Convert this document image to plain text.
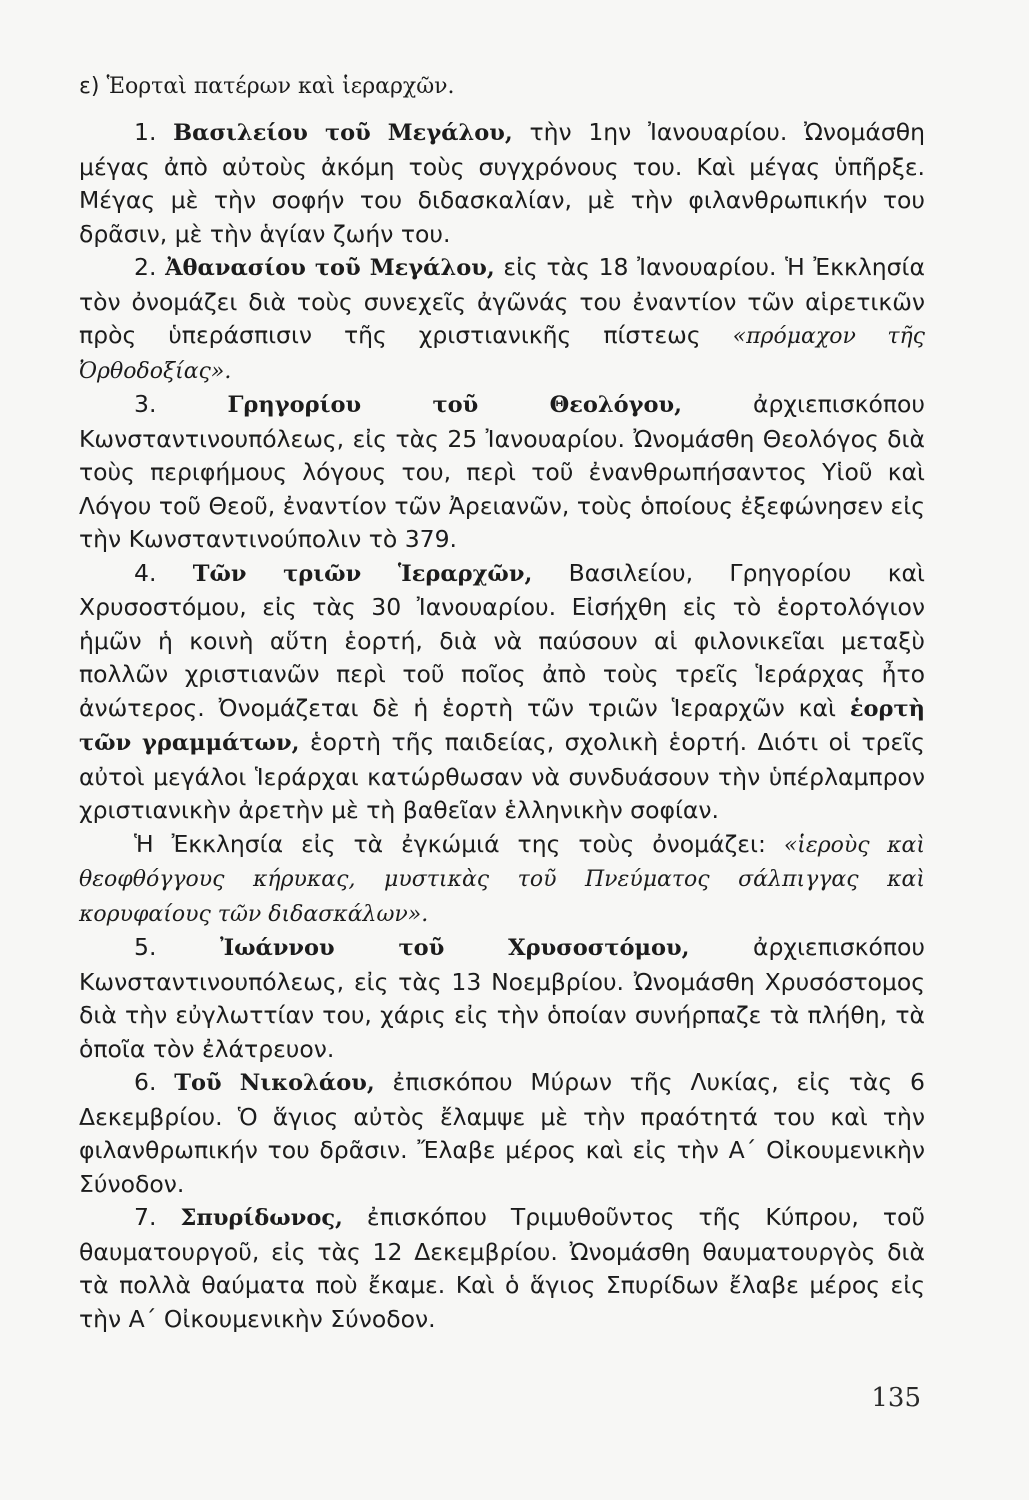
ε) Ἑορταὶ πατέρων καὶ ἱεραρχῶν.

1. Βασιλείου τοῦ Μεγάλου, τὴν 1ην Ἰανουαρίου. Ὠνομάσθη μέγας ἀπὸ αὐτοὺς ἀκόμη τοὺς συγχρόνους του. Καὶ μέγας ὑπῆρξε. Μέγας μὲ τὴν σοφήν του διδασκαλίαν, μὲ τὴν φιλανθρωπικήν του δρᾶσιν, μὲ τὴν ἁγίαν ζωήν του.

2. Ἀθανασίου τοῦ Μεγάλου, εἰς τὰς 18 Ἰανουαρίου. Ἡ Ἐκκλησία τὸν ὀνομάζει διὰ τοὺς συνεχεῖς ἀγῶνάς του ἐναντίον τῶν αἱρετικῶν πρὸς ὑπεράσπισιν τῆς χριστιανικῆς πίστεως «πρόμαχον τῆς Ὀρθοδοξίας».

3.	Γρηγορίου τοῦ Θεολόγου,	ἀρχιεπισκόπου Κωνσταντινουπόλεως, εἰς τὰς 25 Ἰανουαρίου. Ὠνομάσθη Θεολόγος διὰ τοὺς περιφήμους λόγους του, περὶ τοῦ ἐνανθρωπήσαντος Υἱοῦ καὶ Λόγου τοῦ Θεοῦ, ἐναντίον τῶν Ἀρειανῶν, τοὺς ὁποίους ἐξεφώνησεν εἰς τὴν Κωνσταντινούπολιν τὸ 379.

4. Τῶν τριῶν Ἱεραρχῶν, Βασιλείου, Γρηγορίου καὶ Χρυσοστόμου, εἰς τὰς 30 Ἰανουαρίου. Εἰσήχθη εἰς τὸ ἑορτολόγιον ἡμῶν ἡ κοινὴ αὕτη ἑορτή, διὰ νὰ παύσουν αἱ φιλονικεῖαι μεταξὺ πολλῶν χριστιανῶν περὶ τοῦ ποῖος ἀπὸ τοὺς τρεῖς Ἱεράρχας ἦτο ἀνώτερος. Ὀνομάζεται δὲ ἡ ἑορτὴ τῶν τριῶν Ἱεραρχῶν καὶ ἑορτὴ τῶν γραμμάτων, ἑορτὴ τῆς παιδείας, σχολικὴ ἑορτή. Διότι οἱ τρεῖς αὐτοὶ μεγάλοι Ἱεράρχαι κατώρθωσαν νὰ συνδυάσουν τὴν ὑπέρλαμπρον χριστιανικὴν ἀρετὴν μὲ τὴ βαθεῖαν ἑλληνικὴν σοφίαν.

Ἡ Ἐκκλησία εἰς τὰ ἐγκώμιά της τοὺς ὀνομάζει: «ἱεροὺς καὶ θεοφθόγγους κήρυκας, μυστικὰς τοῦ Πνεύματος σάλπιγγας καὶ κορυφαίους τῶν διδασκάλων».

5.	Ἰωάννου τοῦ Χρυσοστόμου,	ἀρχιεπισκόπου Κωνσταντινουπόλεως, εἰς τὰς 13 Νοεμβρίου. Ὠνομάσθη Χρυσόστομος διὰ τὴν εὐγλωττίαν του, χάρις εἰς τὴν ὁποίαν συνήρπαζε τὰ πλήθη, τὰ ὁποῖα τὸν ἐλάτρευον.

6. Τοῦ Νικολάου, ἐπισκόπου Μύρων τῆς Λυκίας, εἰς τὰς 6 Δεκεμβρίου. Ὁ ἅγιος αὐτὸς ἔλαμψε μὲ τὴν πραότητά του καὶ τὴν φιλανθρωπικήν του δρᾶσιν. Ἔλαβε μέρος καὶ εἰς τὴν Α΄ Οἰκουμενικὴν Σύνοδον.

7. Σπυρίδωνος, ἐπισκόπου Τριμυθοῦντος τῆς Κύπρου, τοῦ θαυματουργοῦ, εἰς τὰς 12 Δεκεμβρίου. Ὠνομάσθη θαυματουργὸς διὰ τὰ πολλὰ θαύματα ποὺ ἔκαμε. Καὶ ὁ ἅγιος Σπυρίδων ἔλαβε μέρος εἰς τὴν Α΄ Οἰκουμενικὴν Σύνοδον.

135
